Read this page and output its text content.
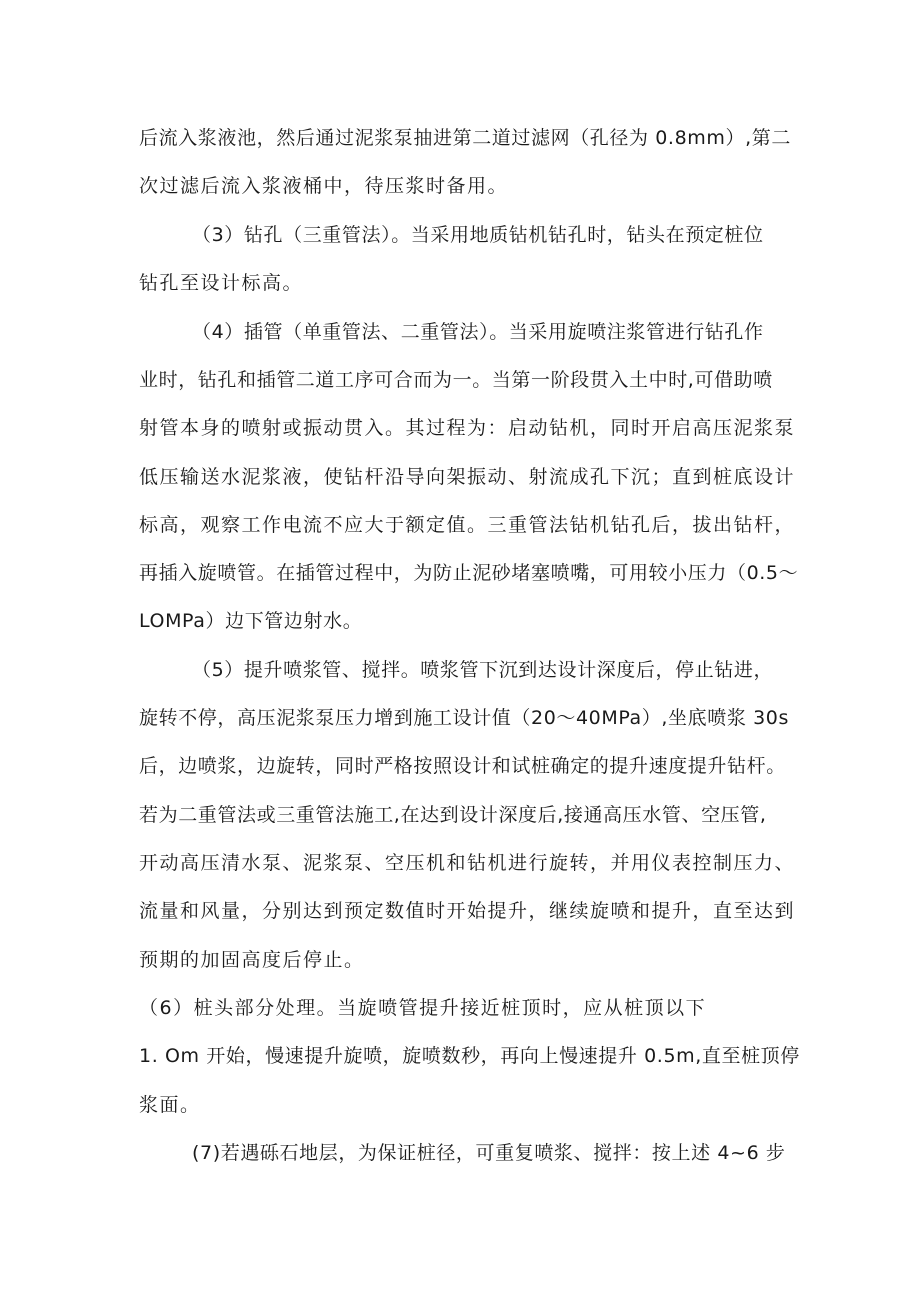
后流入浆液池，然后通过泥浆泵抽进第二道过滤网（孔径为 0.8mm）,第二
次过滤后流入浆液桶中，待压浆时备用。
（3）钻孔（三重管法）。当采用地质钻机钻孔时，钻头在预定桩位
钻孔至设计标高。
（4）插管（单重管法、二重管法）。当采用旋喷注浆管进行钻孔作
业时，钻孔和插管二道工序可合而为一。当第一阶段贯入土中时,可借助喷
射管本身的喷射或振动贯入。其过程为：启动钻机，同时开启高压泥浆泵
低压输送水泥浆液，使钻杆沿导向架振动、射流成孔下沉；直到桩底设计
标高，观察工作电流不应大于额定值。三重管法钻机钻孔后，拔出钻杆，
再插入旋喷管。在插管过程中，为防止泥砂堵塞喷嘴，可用较小压力（0.5〜
LOMPa）边下管边射水。
（5）提升喷浆管、搅拌。喷浆管下沉到达设计深度后，停止钻进，
旋转不停，高压泥浆泵压力增到施工设计值（20〜40MPa）,坐底喷浆 30s
后，边喷浆，边旋转，同时严格按照设计和试桩确定的提升速度提升钻杆。
若为二重管法或三重管法施工,在达到设计深度后,接通高压水管、空压管,
开动高压清水泵、泥浆泵、空压机和钻机进行旋转，并用仪表控制压力、
流量和风量，分别达到预定数值时开始提升，继续旋喷和提升，直至达到
预期的加固高度后停止。
（6）桩头部分处理。当旋喷管提升接近桩顶时，应从桩顶以下
1. Om 开始，慢速提升旋喷，旋喷数秒，再向上慢速提升 0.5m,直至桩顶停
浆面。
(7)若遇砾石地层，为保证桩径，可重复喷浆、搅拌：按上述 4~6 步
